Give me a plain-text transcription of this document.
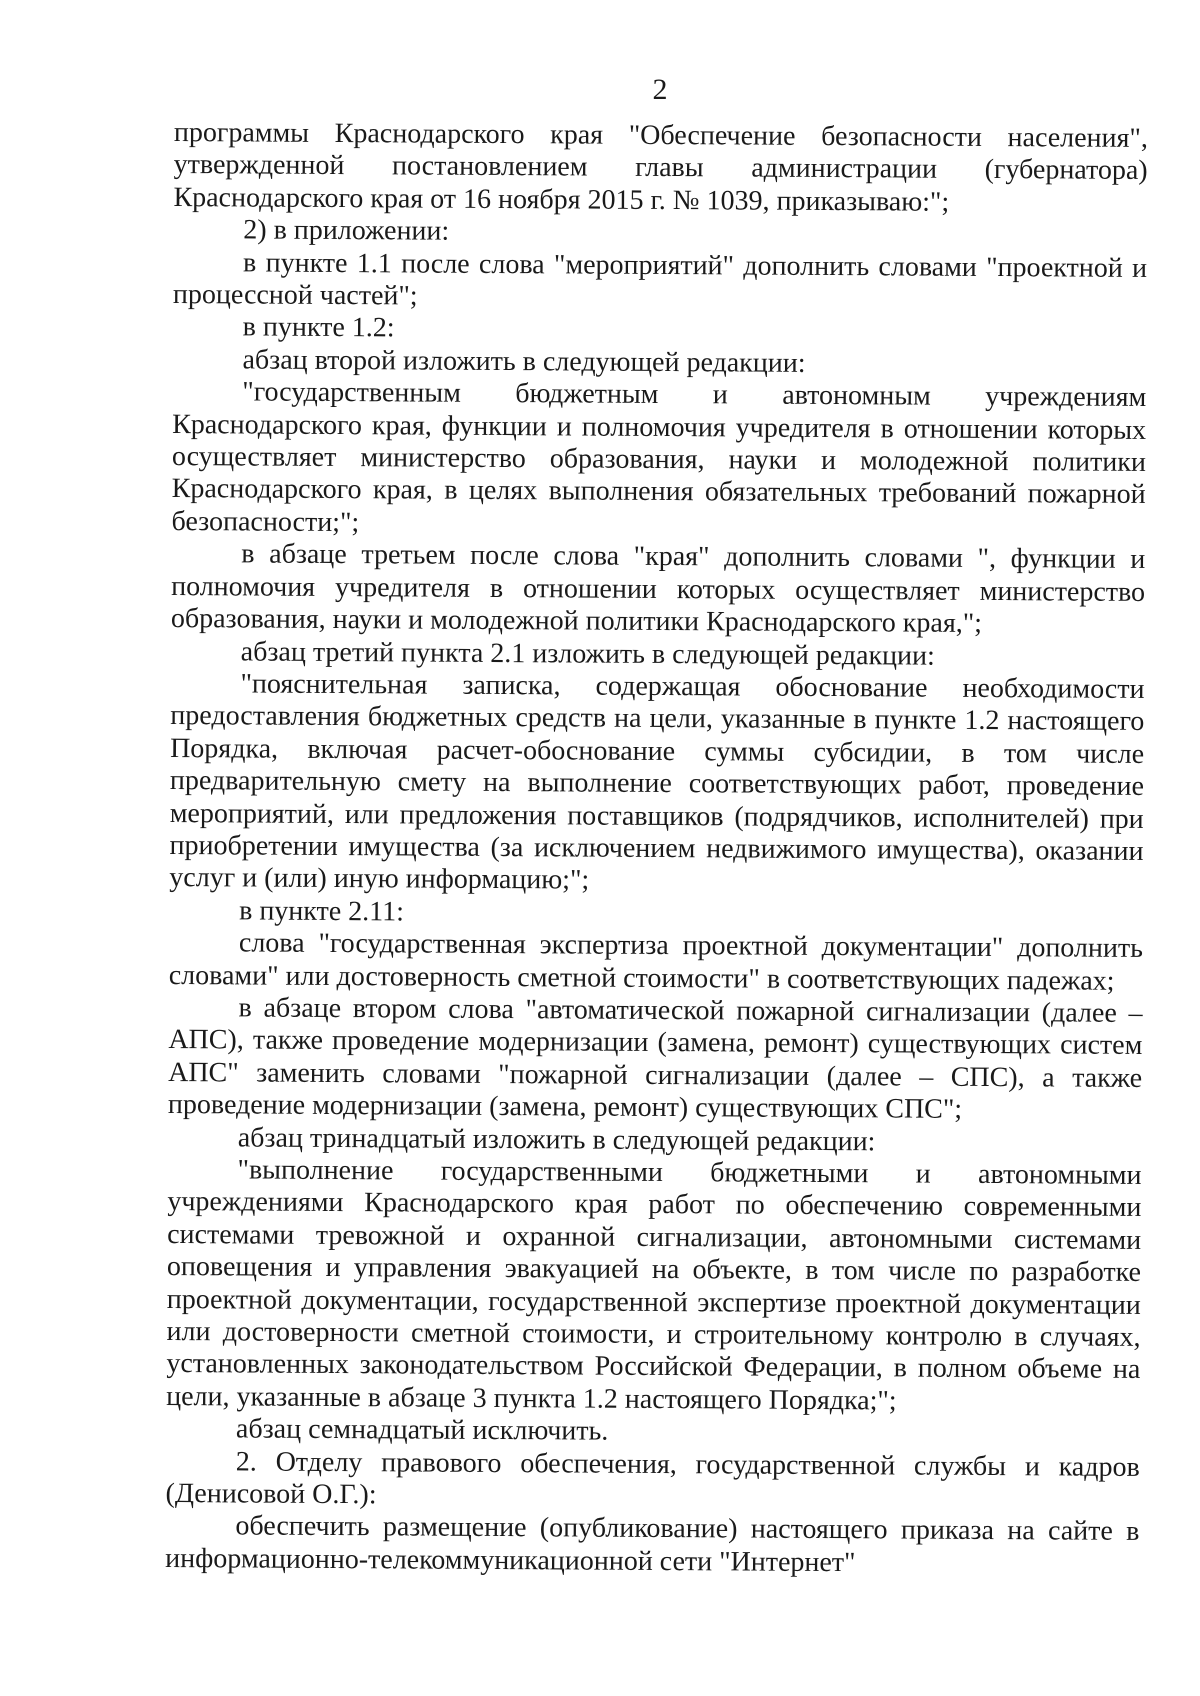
2

программы Краснодарского края "Обеспечение безопасности населения", утвержденной постановлением главы администрации (губернатора) Краснодарского края от 16 ноября 2015 г. № 1039, приказываю:";

2) в приложении:

в пункте 1.1 после слова "мероприятий" дополнить словами "проектной и процессной частей";

в пункте 1.2:

абзац второй изложить в следующей редакции:

"государственным бюджетным и автономным учреждениям Краснодарского края, функции и полномочия учредителя в отношении которых осуществляет министерство образования, науки и молодежной политики Краснодарского края, в целях выполнения обязательных требований пожарной безопасности;";

в абзаце третьем после слова "края" дополнить словами ", функции и полномочия учредителя в отношении которых осуществляет министерство образования, науки и молодежной политики Краснодарского края,";

абзац третий пункта 2.1 изложить в следующей редакции:

"пояснительная записка, содержащая обоснование необходимости предоставления бюджетных средств на цели, указанные в пункте 1.2 настоящего Порядка, включая расчет-обоснование суммы субсидии, в том числе предварительную смету на выполнение соответствующих работ, проведение мероприятий, или предложения поставщиков (подрядчиков, исполнителей) при приобретении имущества (за исключением недвижимого имущества), оказании услуг и (или) иную информацию;";

в пункте 2.11:

слова "государственная экспертиза проектной документации" дополнить словами" или достоверность сметной стоимости" в соответствующих падежах;

в абзаце втором слова "автоматической пожарной сигнализации (далее – АПС), также проведение модернизации (замена, ремонт) существующих систем АПС" заменить словами "пожарной сигнализации (далее – СПС), а также проведение модернизации (замена, ремонт) существующих СПС";

абзац тринадцатый изложить в следующей редакции:

"выполнение государственными бюджетными и автономными учреждениями Краснодарского края работ по обеспечению современными системами тревожной и охранной сигнализации, автономными системами оповещения и управления эвакуацией на объекте, в том числе по разработке проектной документации, государственной экспертизе проектной документации или достоверности сметной стоимости, и строительному контролю в случаях, установленных законодательством Российской Федерации, в полном объеме на цели, указанные в абзаце 3 пункта 1.2 настоящего Порядка;";

абзац семнадцатый исключить.

2. Отделу правового обеспечения, государственной службы и кадров (Денисовой О.Г.):

обеспечить размещение (опубликование) настоящего приказа на сайте в информационно-телекоммуникационной сети "Интернет"
